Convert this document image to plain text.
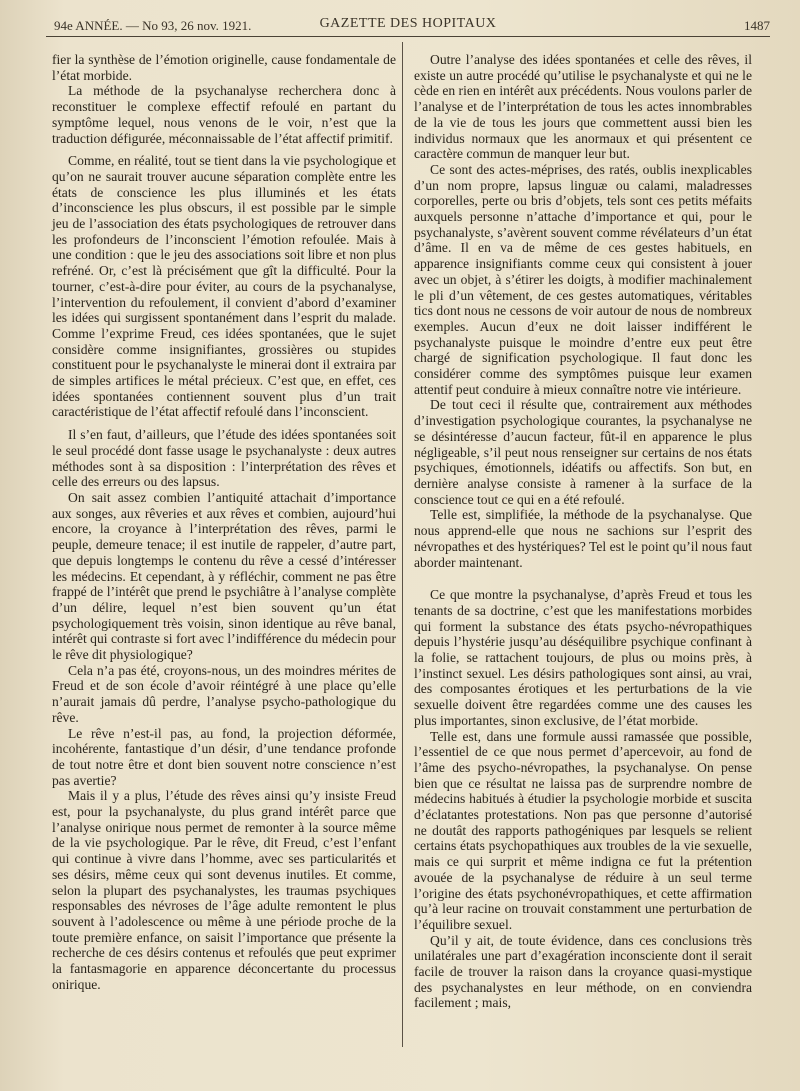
94e ANNÉE. — No 93, 26 nov. 1921.	GAZETTE DES HOPITAUX	1487

fier la synthèse de l’émotion originelle, cause fondamentale de l’état morbide.

La méthode de la psychanalyse recherchera donc à reconstituer le complexe effectif refoulé en partant du symptôme lequel, nous venons de le voir, n’est que la traduction défigurée, méconnaissable de l’état affectif primitif.

Comme, en réalité, tout se tient dans la vie psychologique et qu’on ne saurait trouver aucune séparation complète entre les états de conscience les plus illuminés et les états d’inconscience les plus obscurs, il est possible par le simple jeu de l’association des états psychologiques de retrouver dans les profondeurs de l’inconscient l’émotion refoulée. Mais à une condition : que le jeu des associations soit libre et non plus refréné. Or, c’est là précisément que gît la difficulté. Pour la tourner, c’est-à-dire pour éviter, au cours de la psychanalyse, l’intervention du refoulement, il convient d’abord d’examiner les idées qui surgissent spontanément dans l’esprit du malade. Comme l’exprime Freud, ces idées spontanées, que le sujet considère comme insignifiantes, grossières ou stupides constituent pour le psychanalyste le minerai dont il extraira par de simples artifices le métal précieux. C’est que, en effet, ces idées spontanées contiennent souvent plus d’un trait caractéristique de l’état affectif refoulé dans l’inconscient.

Il s’en faut, d’ailleurs, que l’étude des idées spontanées soit le seul procédé dont fasse usage le psychanalyste : deux autres méthodes sont à sa disposition : l’interprétation des rêves et celle des erreurs ou des lapsus.

On sait assez combien l’antiquité attachait d’importance aux songes, aux rêveries et aux rêves et combien, aujourd’hui encore, la croyance à l’interprétation des rêves, parmi le peuple, demeure tenace; il est inutile de rappeler, d’autre part, que depuis longtemps le contenu du rêve a cessé d’intéresser les médecins. Et cependant, à y réfléchir, comment ne pas être frappé de l’intérêt que prend le psychiâtre à l’analyse complète d’un délire, lequel n’est bien souvent qu’un état psychologiquement très voisin, sinon identique au rêve banal, intérêt qui contraste si fort avec l’indifférence du médecin pour le rêve dit physiologique?

Cela n’a pas été, croyons-nous, un des moindres mérites de Freud et de son école d’avoir réintégré à une place qu’elle n’aurait jamais dû perdre, l’analyse psycho-pathologique du rêve.

Le rêve n’est-il pas, au fond, la projection déformée, incohérente, fantastique d’un désir, d’une tendance profonde de tout notre être et dont bien souvent notre conscience n’est pas avertie?

Mais il y a plus, l’étude des rêves ainsi qu’y insiste Freud est, pour la psychanalyste, du plus grand intérêt parce que l’analyse onirique nous permet de remonter à la source même de la vie psychologique. Par le rêve, dit Freud, c’est l’enfant qui continue à vivre dans l’homme, avec ses particularités et ses désirs, même ceux qui sont devenus inutiles. Et comme, selon la plupart des psychanalystes, les traumas psychiques responsables des névroses de l’âge adulte remontent le plus souvent à l’adolescence ou même à une période proche de la toute première enfance, on saisit l’importance que présente la recherche de ces désirs contenus et refoulés que peut exprimer la fantasmagorie en apparence déconcertante du processus onirique.

Outre l’analyse des idées spontanées et celle des rêves, il existe un autre procédé qu’utilise le psychanalyste et qui ne le cède en rien en intérêt aux précédents. Nous voulons parler de l’analyse et de l’interprétation de tous les actes innombrables de la vie de tous les jours que commettent aussi bien les individus normaux que les anormaux et qui présentent ce caractère commun de manquer leur but.

Ce sont des actes-méprises, des ratés, oublis inexplicables d’un nom propre, lapsus linguæ ou calami, maladresses corporelles, perte ou bris d’objets, tels sont ces petits méfaits auxquels personne n’attache d’importance et qui, pour le psychanalyste, s’avèrent souvent comme révélateurs d’un état d’âme. Il en va de même de ces gestes habituels, en apparence insignifiants comme ceux qui consistent à jouer avec un objet, à s’étirer les doigts, à modifier machinalement le pli d’un vêtement, de ces gestes automatiques, véritables tics dont nous ne cessons de voir autour de nous de nombreux exemples. Aucun d’eux ne doit laisser indifférent le psychanalyste puisque le moindre d’entre eux peut être chargé de signification psychologique. Il faut donc les considérer comme des symptômes puisque leur examen attentif peut conduire à mieux connaître notre vie intérieure.

De tout ceci il résulte que, contrairement aux méthodes d’investigation psychologique courantes, la psychanalyse ne se désintéresse d’aucun facteur, fût-il en apparence le plus négligeable, s’il peut nous renseigner sur certains de nos états psychiques, émotionnels, idéatifs ou affectifs. Son but, en dernière analyse consiste à ramener à la surface de la conscience tout ce qui en a été refoulé.

Telle est, simplifiée, la méthode de la psychanalyse. Que nous apprend-elle que nous ne sachions sur l’esprit des névropathes et des hystériques? Tel est le point qu’il nous faut aborder maintenant.

Ce que montre la psychanalyse, d’après Freud et tous les tenants de sa doctrine, c’est que les manifestations morbides qui forment la substance des états psycho-névropathiques depuis l’hystérie jusqu’au déséquilibre psychique confinant à la folie, se rattachent toujours, de plus ou moins près, à l’instinct sexuel. Les désirs pathologiques sont ainsi, au vrai, des composantes érotiques et les perturbations de la vie sexuelle doivent être regardées comme une des causes les plus importantes, sinon exclusive, de l’état morbide.

Telle est, dans une formule aussi ramassée que possible, l’essentiel de ce que nous permet d’apercevoir, au fond de l’âme des psycho-névropathes, la psychanalyse. On pense bien que ce résultat ne laissa pas de surprendre nombre de médecins habitués à étudier la psychologie morbide et suscita d’éclatantes protestations. Non pas que personne d’autorisé ne doutât des rapports pathogéniques par lesquels se relient certains états psychopathiques aux troubles de la vie sexuelle, mais ce qui surprit et même indigna ce fut la prétention avouée de la psychanalyse de réduire à un seul terme l’origine des états psychonévropathiques, et cette affirmation qu’à leur racine on trouvait constamment une perturbation de l’équilibre sexuel.

Qu’il y ait, de toute évidence, dans ces conclusions très unilatérales une part d’exagération inconsciente dont il serait facile de trouver la raison dans la croyance quasi-mystique des psychanalystes en leur méthode, on en conviendra facilement ; mais,
